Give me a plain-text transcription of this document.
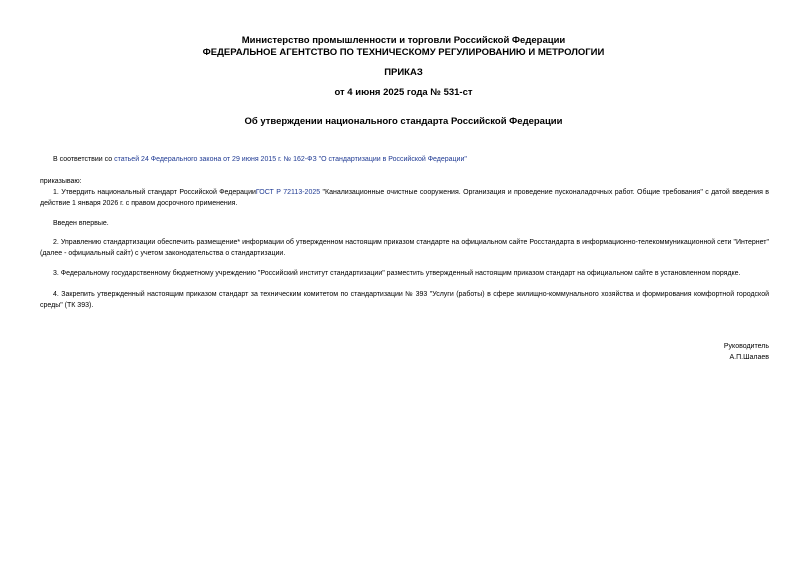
Министерство промышленности и торговли Российской Федерации
ФЕДЕРАЛЬНОЕ АГЕНТСТВО ПО ТЕХНИЧЕСКОМУ РЕГУЛИРОВАНИЮ И МЕТРОЛОГИИ
ПРИКАЗ
от 4 июня 2025 года № 531-ст
Об утверждении национального стандарта Российской Федерации
В соответствии со статьей 24 Федерального закона от 29 июня 2015 г. № 162-ФЗ "О стандартизации в Российской Федерации"
приказываю:
1. Утвердить национальный стандарт Российской ФедерацииГОСТ Р 72113-2025 "Канализационные очистные сооружения. Организация и проведение пусконаладочных работ. Общие требования" с датой введения в действие 1 января 2026 г. с правом досрочного применения.
Введен впервые.
2. Управлению стандартизации обеспечить размещение* информации об утвержденном настоящим приказом стандарте на официальном сайте Росстандарта в информационно-телекоммуникационной сети "Интернет" (далее - официальный сайт) с учетом законодательства о стандартизации.
3. Федеральному государственному бюджетному учреждению "Российский институт стандартизации" разместить утвержденный настоящим приказом стандарт на официальном сайте в установленном порядке.
4. Закрепить утвержденный настоящим приказом стандарт за техническим комитетом по стандартизации № 393 "Услуги (работы) в сфере жилищно-коммунального хозяйства и формирования комфортной городской среды" (ТК 393).
Руководитель
А.П.Шалаев
